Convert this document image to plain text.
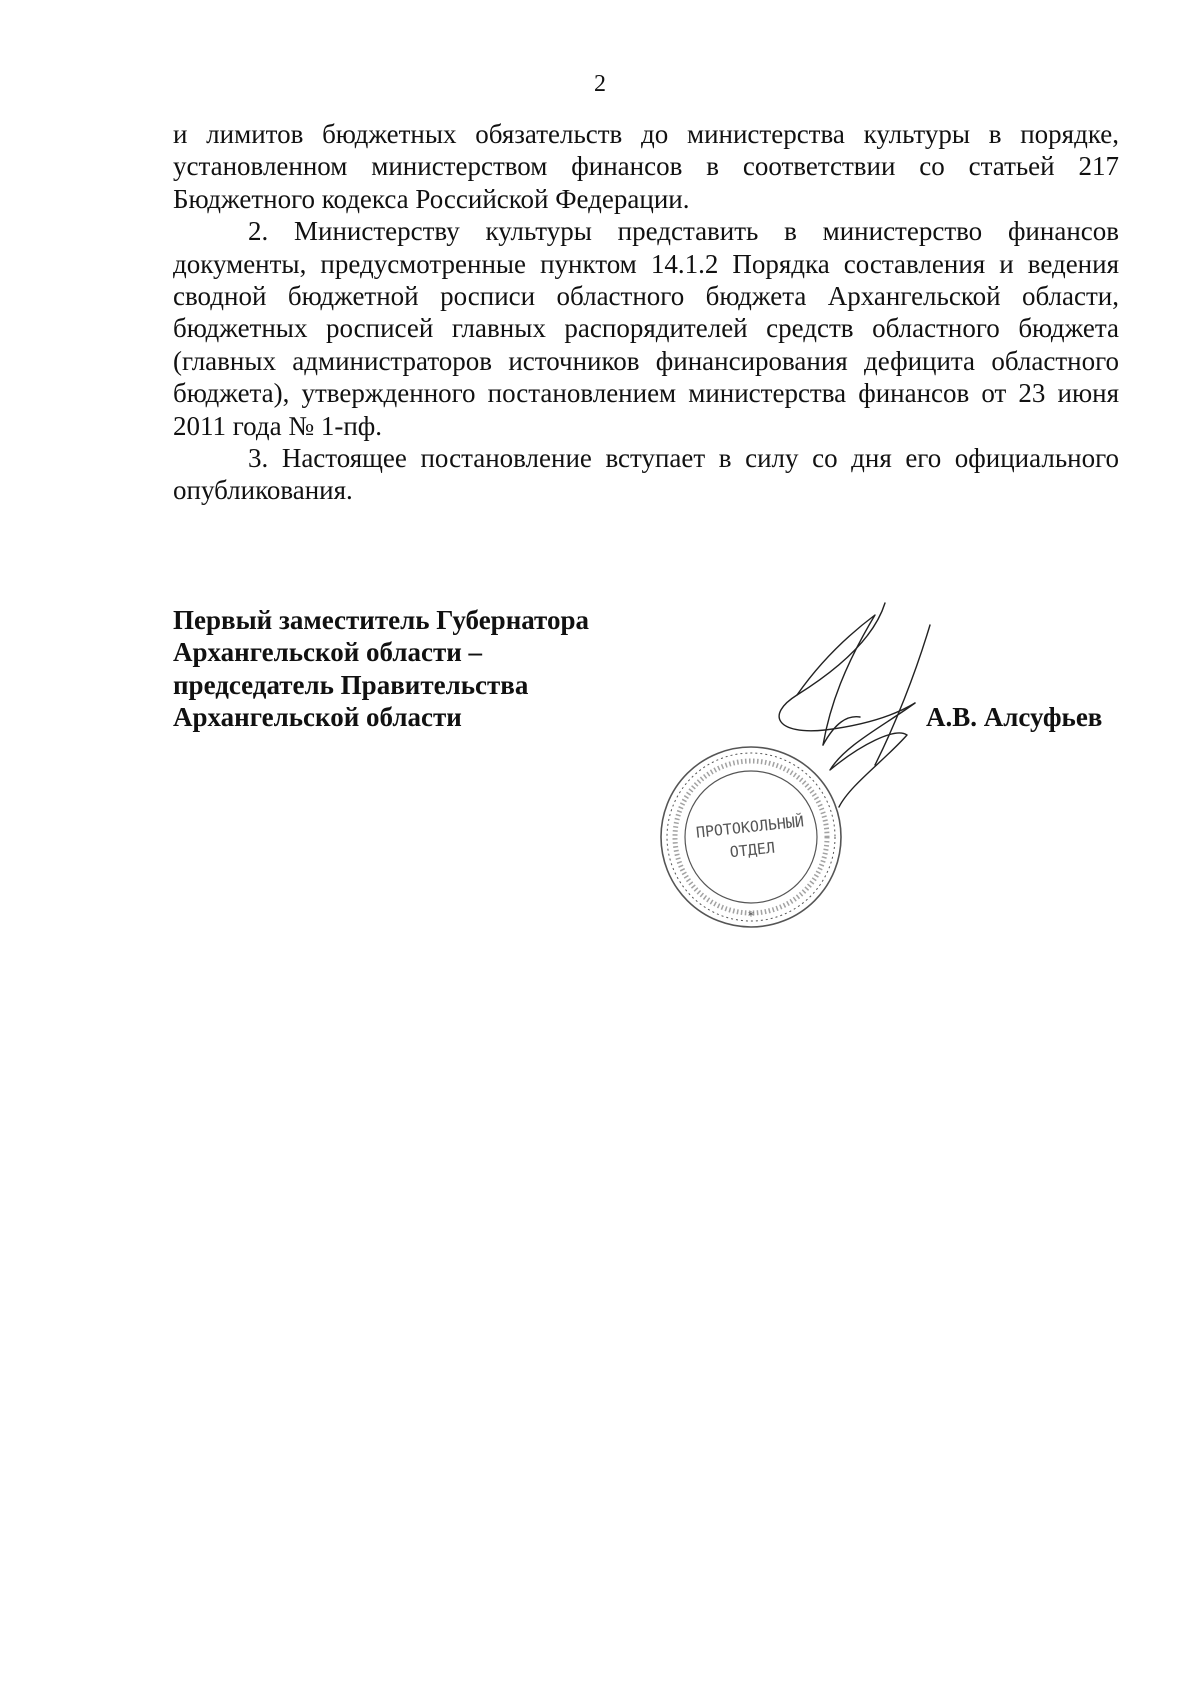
2

и лимитов бюджетных обязательств до министерства культуры в порядке, установленном министерством финансов в соответствии со статьей 217 Бюджетного кодекса Российской Федерации.

2. Министерству культуры представить в министерство финансов документы, предусмотренные пунктом 14.1.2 Порядка составления и ведения сводной бюджетной росписи областного бюджета Архангельской области, бюджетных росписей главных распорядителей средств областного бюджета (главных администраторов источников финансирования дефицита областного бюджета), утвержденного постановлением министерства финансов от 23 июня 2011 года № 1-пф.

3. Настоящее постановление вступает в силу со дня его официального опубликования.

Первый заместитель Губернатора
Архангельской области –
председатель Правительства
Архангельской области
ПРОТОКОЛЬНЫЙ
ОТДЕЛ
*
А.В. Алсуфьев
